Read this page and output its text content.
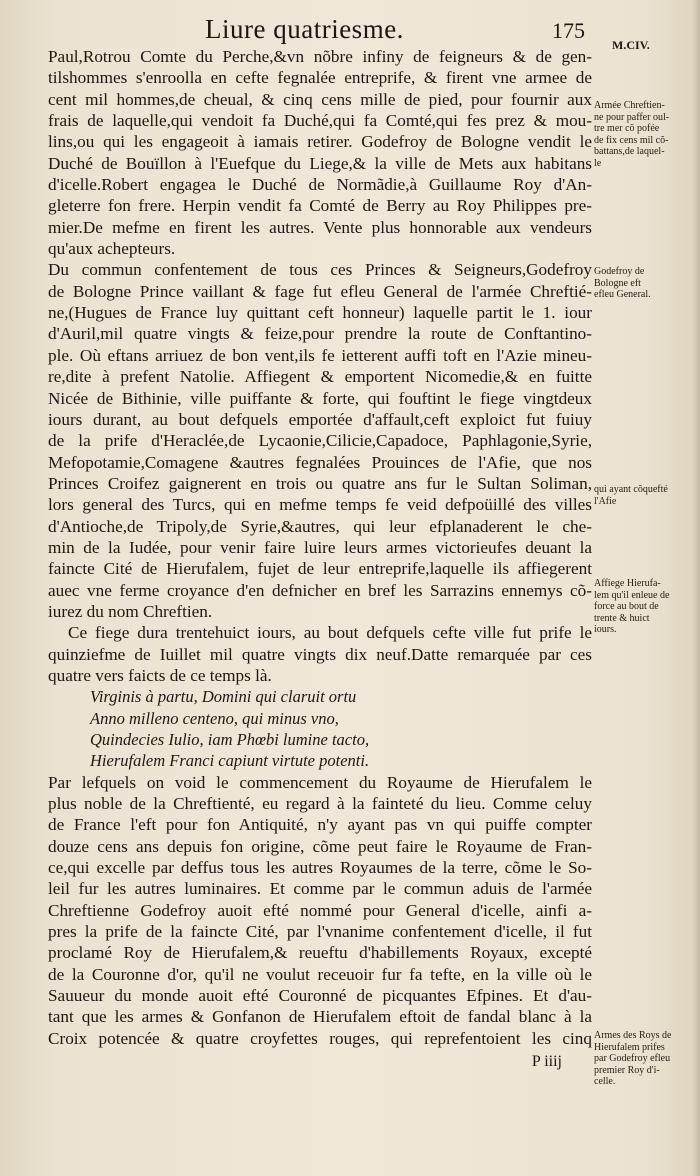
Liure quatriesme.	175
M.CIV.
Paul,Rotrou Comte du Perche,&vn nõbre infiny de feigneurs & de gen-
tilshommes s'enroolla en cefte fegnalée entreprife, & firent vne armee de
cent mil hommes,de cheual, & cinq cens mille de pied, pour fournir aux
frais de laquelle,qui vendoit fa Duché,qui fa Comté,qui fes prez & mou-
lins,ou qui les engageoit à iamais retirer. Godefroy de Bologne vendit le
Duché de Bouïllon à l'Euefque du Liege,& la ville de Mets aux habitans
d'icelle.Robert engagea le Duché de Normãdie,à Guillaume Roy d'An-
gleterre fon frere. Herpin vendit fa Comté de Berry au Roy Philippes pre-
mier.De mefme en firent les autres. Vente plus honnorable aux vendeurs
qu'aux achepteurs.
Du commun confentement de tous ces Princes & Seigneurs,Godefroy
de Bologne Prince vaillant & fage fut efleu General de l'armée Chreftié-
ne,(Hugues de France luy quittant ceft honneur) laquelle partit le 1. iour
d'Auril,mil quatre vingts & feize,pour prendre la route de Conftantino-
ple. Où eftans arriuez de bon vent,ils fe ietterent auffi toft en l'Azie mineu-
re,dite à prefent Natolie. Affiegent & emportent Nicomedie,& en fuitte
Nicée de Bithinie, ville puiffante & forte, qui fouftint le fiege vingtdeux
iours durant, au bout defquels emportée d'affault,ceft exploict fut fuiuy
de la prife d'Heraclée,de Lycaonie,Cilicie,Capadoce, Paphlagonie,Syrie,
Mefopotamie,Comagene &autres fegnalées Prouinces de l'Afie, que nos
Princes Croifez gaignerent en trois ou quatre ans fur le Sultan Soliman,
lors general des Turcs, qui en mefme temps fe veid defpoüillé des villes
d'Antioche,de Tripoly,de Syrie,&autres, qui leur efplanaderent le che-
min de la Iudée, pour venir faire luire leurs armes victorieufes deuant la
faincte Cité de Hierufalem, fujet de leur entreprife,laquelle ils affiegerent
auec vne ferme croyance d'en defnicher en bref les Sarrazins ennemys cõ-
iurez du nom Chreftien.
Ce fiege dura trentehuict iours, au bout defquels cefte ville fut prife le
quinziefme de Iuillet mil quatre vingts dix neuf.Datte remarquée par ces
quatre vers faicts de ce temps là.
Virginis à partu, Domini qui claruit ortu
Anno milleno centeno, qui minus vno,
Quindecies Iulio, iam Phœbi lumine tacto,
Hierufalem Franci capiunt virtute potenti.
Par lefquels on void le commencement du Royaume de Hierufalem le
plus noble de la Chreftienté, eu regard à la fainteté du lieu. Comme celuy
de France l'eft pour fon Antiquité, n'y ayant pas vn qui puiffe compter
douze cens ans depuis fon origine, cõme peut faire le Royaume de Fran-
ce,qui excelle par deffus tous les autres Royaumes de la terre, cõme le So-
leil fur les autres luminaires. Et comme par le commun aduis de l'armée
Chreftienne Godefroy auoit efté nommé pour General d'icelle, ainfi a-
pres la prife de la faincte Cité, par l'vnanime confentement d'icelle, il fut
proclamé Roy de Hierufalem,& reueftu d'habillements Royaux, excepté
de la Couronne d'or, qu'il ne voulut receuoir fur fa tefte, en la ville où le
Sauueur du monde auoit efté Couronné de picquantes Efpines. Et d'au-
tant que les armes & Gonfanon de Hierufalem eftoit de fandal blanc à la
Croix potencée & quatre croyfettes rouges, qui reprefentoient les cinq
P iiij
Armée Chreftien-
ne pour paffer oul-
tre mer cõ pofée
de fix cens mil cõ-
battans,de laquel-
le
Godefroy de
Bologne eft
efleu General.
qui ayant cõquefté
l'Afie
Affiege Hierufa-
lem qu'il enleue de
force au bout de
trente & huict
iours.
Armes des Roys de
Hierufalem prifes
par Godefroy efleu
premier Roy d'i-
celle.
